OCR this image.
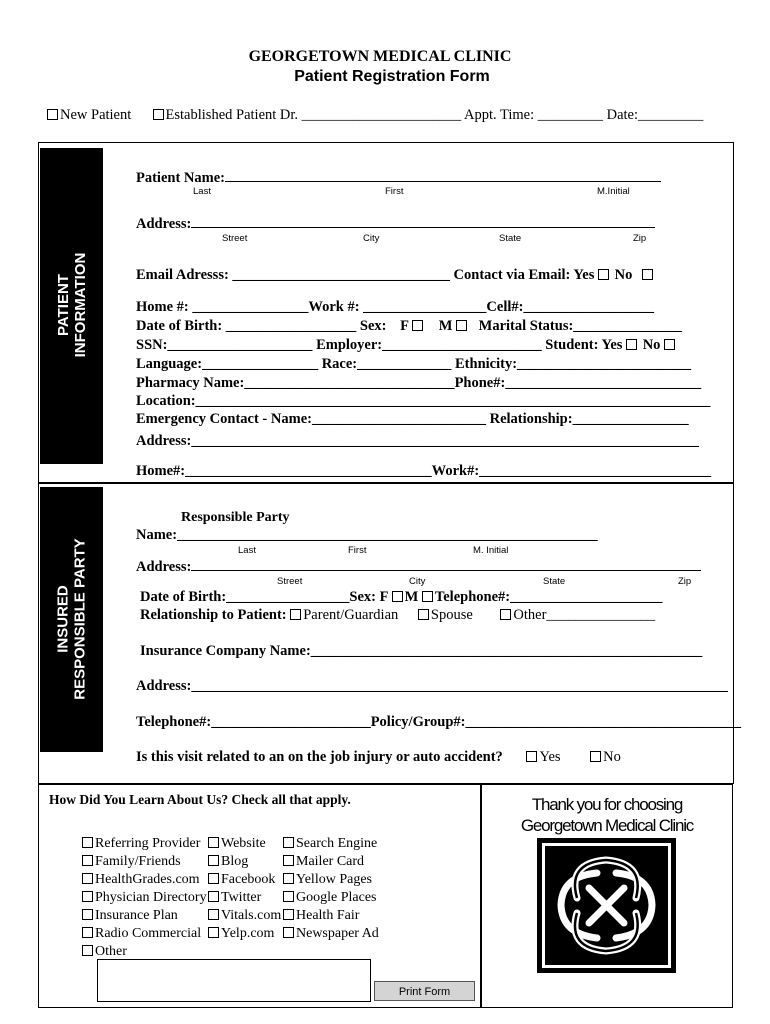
GEORGETOWN MEDICAL CLINIC
Patient Registration Form
New Patient Established Patient Dr. ______________________ Appt. Time: _________ Date:_________
PATIENT INFORMATION
Patient Name:
Last	First	M.Initial
Address:
Street	City	State	Zip
Email Adresss: ______________________________ Contact via Email: Yes No
Home #: ________________Work #: _________________Cell#:__________________
Date of Birth: __________________ Sex: F M Marital Status:_______________
SSN:____________________ Employer:______________________ Student: Yes No
Language:________________ Race:_____________ Ethnicity:________________________
Pharmacy Name:_____________________________Phone#:___________________________
Location:_______________________________________________________________________
Emergency Contact - Name:________________________ Relationship:________________
Address:______________________________________________________________________
Home#:__________________________________Work#:________________________________
INSURED RESPONSIBLE PARTY
Responsible Party
Name:__________________________________________________________
Last	First	M. Initial
Address:
Street	City	State	Zip
Date of Birth:_________________Sex: F M Telephone#:_____________________
Relationship to Patient: Parent/Guardian Spouse	Other_______________
Insurance Company Name:______________________________________________________
Address:__________________________________________________________________________
Telephone#:______________________Policy/Group#:______________________________________
Is this visit related to an on the job injury or auto accident?	Yes	No
How Did You Learn About Us? Check all that apply.
Referring Provider
Family/Friends
HealthGrades.com
Physician Directory
Insurance Plan
Radio Commercial
Other
Website
Blog
Facebook
Twitter
Vitals.com
Yelp.com
Search Engine
Mailer Card
Yellow Pages
Google Places
Health Fair
Newspaper Ad
Print Form
Thank you for choosing
Georgetown Medical Clinic
